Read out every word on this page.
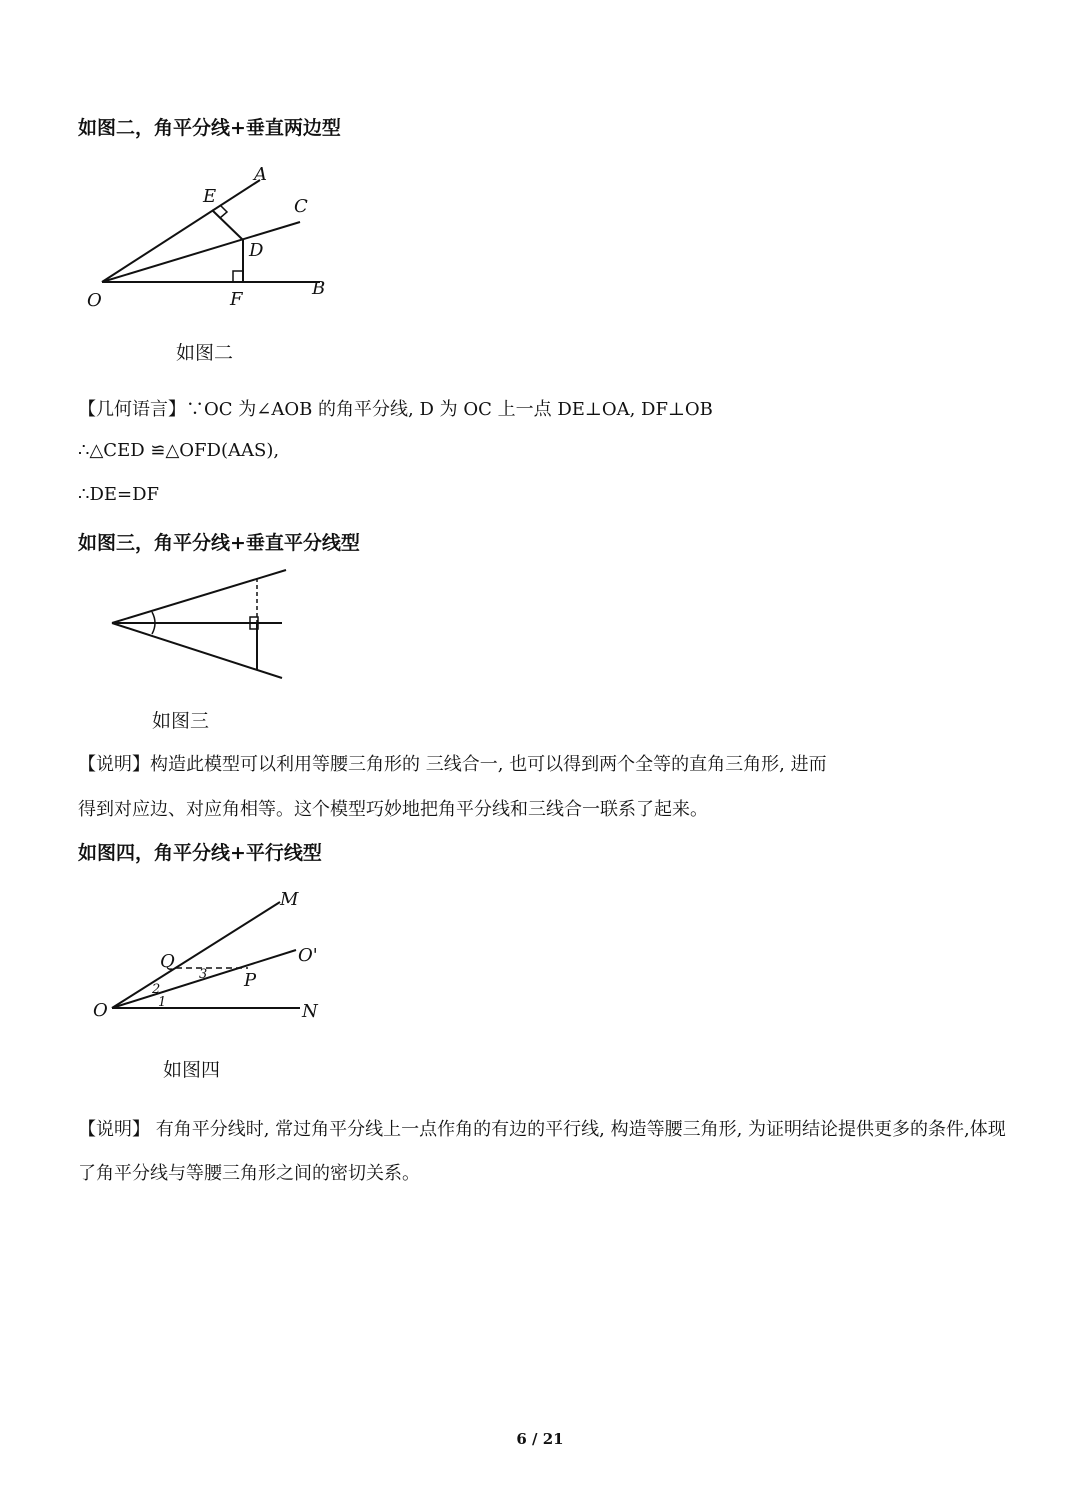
如图二，角平分线+垂直两边型
A
E	C
D
O	F
B
如图二
【几何语言】∵OC 为∠AOB 的角平分线, D 为 OC 上一点 DE⊥OA, DF⊥OB
∴△CED ≌△OFD(AAS),
∴DE=DF
如图三，角平分线+垂直平分线型
如图三
【说明】构造此模型可以利用等腰三角形的 三线合一, 也可以得到两个全等的直角三角形, 进而
得到对应边、对应角相等。这个模型巧妙地把角平分线和三线合一联系了起来。
如图四，角平分线+平行线型
M
Q	O'
P
O	N
1
2
3
如图四
【说明】 有角平分线时, 常过角平分线上一点作角的有边的平行线, 构造等腰三角形, 为证明结论提供更多的条件,体现了角平分线与等腰三角形之间的密切关系。
6 / 21
